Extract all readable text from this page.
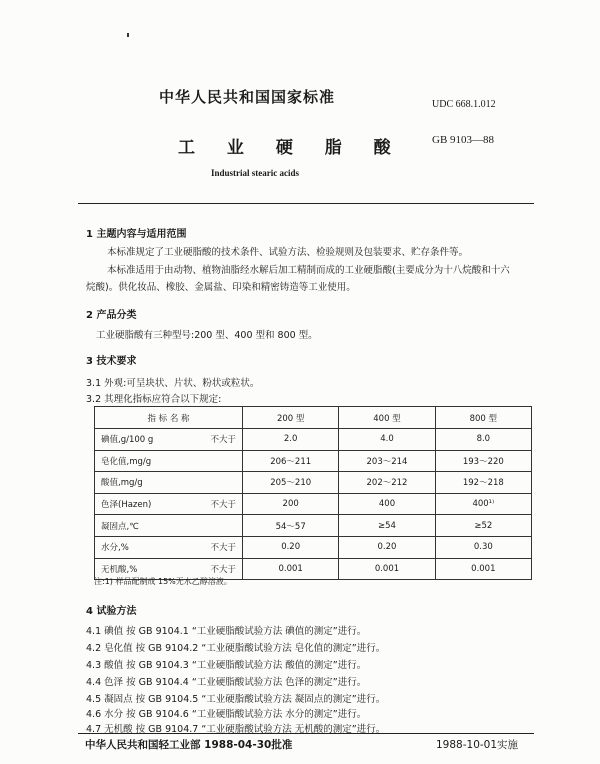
中华人民共和国国家标准	UDC 668.1.012
工 业 硬 脂 酸	GB 9103—88
Industrial stearic acids
1 主题内容与适用范围
本标准规定了工业硬脂酸的技术条件、试验方法、检验规则及包装要求、贮存条件等。
本标准适用于由动物、植物油脂经水解后加工精制而成的工业硬脂酸(主要成分为十八烷酸和十六
烷酸)。供化妆品、橡胶、金属盐、印染和精密铸造等工业使用。
2 产品分类
工业硬脂酸有三种型号:200 型、400 型和 800 型。
3 技术要求
3.1 外观:可呈块状、片状、粉状或粒状。
3.2 其理化指标应符合以下规定:
指 标 名 称	200 型	400 型	800 型

碘值,g/100 g 不大于	2.0	4.0	8.0

皂化值,mg/g	206～211	203～214	193～220

酸值,mg/g	205～210	202～212	192～218

色泽(Hazen) 不大于	200	400	400¹⁾

凝固点,℃	54～57	≥54	≥52

水分,% 不大于	0.20	0.20	0.30

无机酸,% 不大于	0.001	0.001	0.001
注:1) 样品配制成 15%无水乙醇溶液。
4 试验方法
4.1 碘值 按 GB 9104.1 “工业硬脂酸试验方法 碘值的测定”进行。
4.2 皂化值 按 GB 9104.2 “工业硬脂酸试验方法 皂化值的测定”进行。
4.3 酸值 按 GB 9104.3 “工业硬脂酸试验方法 酸值的测定”进行。
4.4 色泽 按 GB 9104.4 “工业硬脂酸试验方法 色泽的测定”进行。
4.5 凝固点 按 GB 9104.5 “工业硬脂酸试验方法 凝固点的测定”进行。
4.6 水分 按 GB 9104.6 “工业硬脂酸试验方法 水分的测定”进行。
4.7 无机酸 按 GB 9104.7 “工业硬脂酸试验方法 无机酸的测定”进行。
中华人民共和国轻工业部 1988-04-30批准	1988-10-01实施
